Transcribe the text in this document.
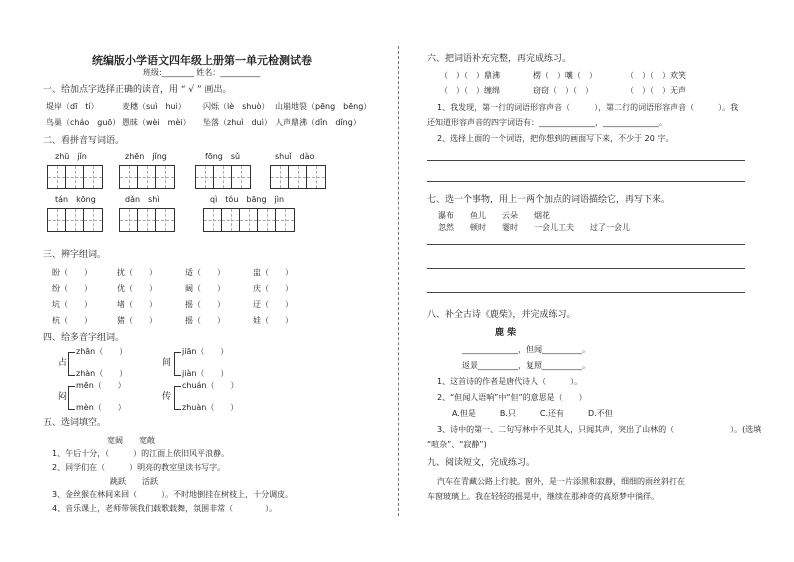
统编版小学语文四年级上册第一单元检测试卷
班级:________ 姓名：__________
一、给加点字选择正确的读音，用 “ √ ” 画出。
堤岸（dī　tí）	麦穗（suì　huì） 闪烁（lè　shuò） 山崩地裂（pēng　bēng）
鸟巢（cháo　guō） 愚昧（wèi　mèi） 坠落（zhuì　duì） 人声鼎沸（dǐn　dǐng）
二、看拼音写词语。
zhū　jǐn	zhēn　jǐng	fōng　sǔ	shuǐ　dào
tán　kōng	dǎn　shì	qì　tóu　bāng　jìn
三、辨字组词。
盼（　　）	扰（　　）	适（　　）	盅（　　）
纷（　　）	优（　　）	阔（　　）	庆（　　）
坑（　　）	堵（　　）	摇（　　）	迂（　　）
杭（　　）	猪（　　）	摇（　　）	娃（　　）
四、给多音字组词。
占
zhān（　　）
zhàn（　　）
间
jiān（　　）
jiàn（　　）
闷
mēn（　　）
mèn（　　）
传
chuán（　　）
zhuàn（　　）
五、选词填空。
宽阔　　宽敞
1、午后十分，（　　　）的江面上依旧风平浪静。
2、同学们在（　　　）明亮的教室里读书写字。
跳跃　　活跃
3、金丝猴在林间来回（　　　）。不时地倒挂在树枝上，十分调皮。
4、音乐课上，老师带领我们载歌载舞，氛围非常（　　　　）。
六、把词语补充完整，再完成练习。
（　）（　）鼎沸	楞（　）嚷（　）	（　）（　）欢笑
（　）（　）缠绵	窃窃（　）（　）	（　）（　）无声
1、我发现，第一行的词语形容声音（　　　），第二行的词语形容声音（　　　）。我
还知道形容声音的四字词语有：______________，______________。
2、选择上面的一个词语，把你想到的画面写下来，不少于 20 字。
七、选一个事物，用上一两个加点的词语描绘它，再写下来。
瀑布　　鱼儿　　云朵　　烟花
忽然　　顿时　　霎时　　一会儿工夫　　过了一会儿
八、补全古诗《鹿柴》，并完成练习。
鹿 柴
______________，但闻__________。
返景__________，复照__________。
1、这首诗的作者是唐代诗人（　　　）。
2、“但闻人语响”中“但”的意思是（　　）
A.但是　　　B.只　　　C.还有　　　D.不但
3、诗中的第一、二句写林中不见其人，只闻其声，突出了山林的（　　　　　　　）。(选填
“喧杂”、“寂静”)
九、阅读短文，完成练习。
汽车在青藏公路上行驶。窗外，是一片添黑和寂静，细细的雨丝斜打在
车窗玻璃上。我在轻轻的摇晃中，继续在那神奇的高原梦中徜徉。
